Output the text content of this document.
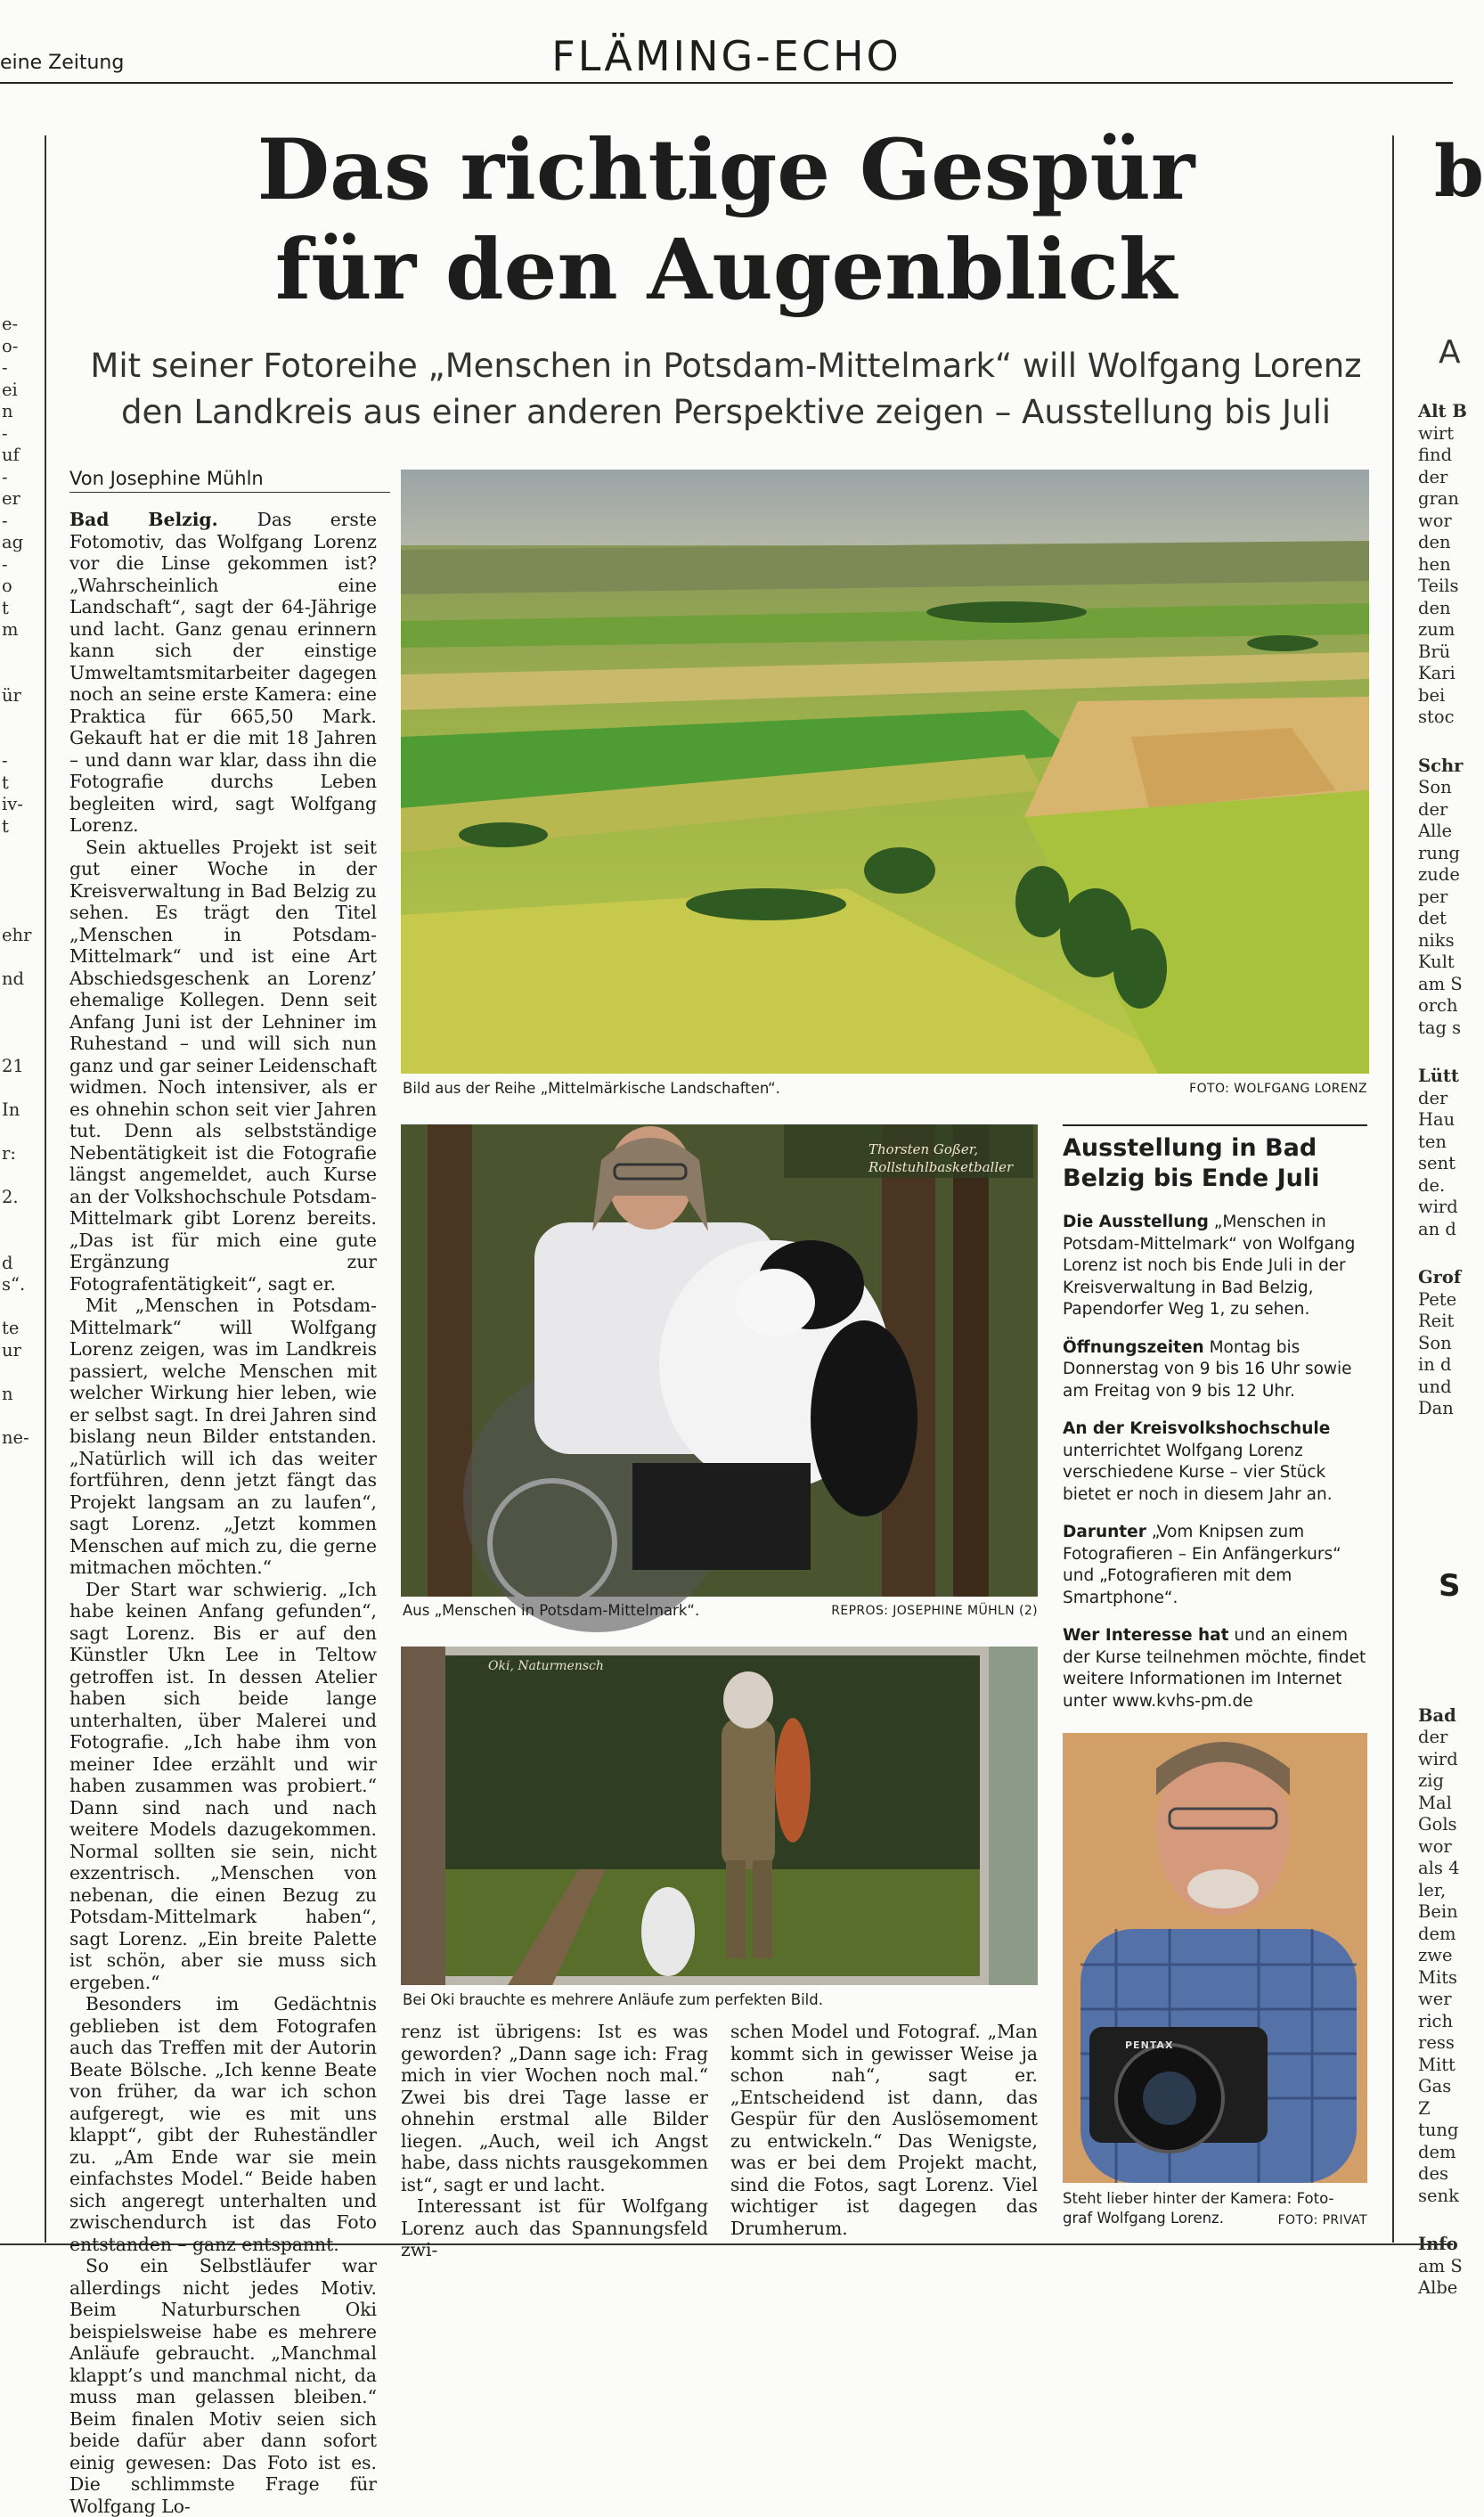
eine Zeitung	FLÄMING-ECHO
e-
o-
-
ei
n
-
uf
-
er
-
ag
-
o
t
m
ür
-
t
iv-
t
ehr
nd
21
In
r:
2.
d
s“.
te
ur
n
ne-
Das richtige Gespür
für den Augenblick
Mit seiner Fotoreihe „Menschen in Potsdam-Mittelmark“ will Wolfgang Lorenz
den Landkreis aus einer anderen Perspektive zeigen – Ausstellung bis Juli
Von Josephine Mühln

Bad Belzig. Das erste Fotomotiv, das Wolfgang Lorenz vor die Linse gekommen ist? „Wahrscheinlich eine Landschaft“, sagt der 64-Jährige und lacht. Ganz genau erinnern kann sich der einstige Umweltamtsmitarbeiter dagegen noch an seine erste Kamera: eine Praktica für 665,50 Mark. Gekauft hat er die mit 18 Jahren – und dann war klar, dass ihn die Fotografie durchs Leben begleiten wird, sagt Wolfgang Lorenz.

Sein aktuelles Projekt ist seit gut einer Woche in der Kreisverwaltung in Bad Belzig zu sehen. Es trägt den Titel „Menschen in Potsdam-Mittelmark“ und ist eine Art Abschiedsgeschenk an Lorenz’ ehemalige Kollegen. Denn seit Anfang Juni ist der Lehniner im Ruhestand – und will sich nun ganz und gar seiner Leidenschaft widmen. Noch intensiver, als er es ohnehin schon seit vier Jahren tut. Denn als selbstständige Nebentätigkeit ist die Fotografie längst angemeldet, auch Kurse an der Volkshochschule Potsdam-Mittelmark gibt Lorenz bereits. „Das ist für mich eine gute Ergänzung zur Fotografentätigkeit“, sagt er.

Mit „Menschen in Potsdam-Mittelmark“ will Wolfgang Lorenz zeigen, was im Landkreis passiert, welche Menschen mit welcher Wirkung hier leben, wie er selbst sagt. In drei Jahren sind bislang neun Bilder entstanden. „Natürlich will ich das weiter fortführen, denn jetzt fängt das Projekt langsam an zu laufen“, sagt Lorenz. „Jetzt kommen Menschen auf mich zu, die gerne mitmachen möchten.“

Der Start war schwierig. „Ich habe keinen Anfang gefunden“, sagt Lorenz. Bis er auf den Künstler Ukn Lee in Teltow getroffen ist. In dessen Atelier haben sich beide lange unterhalten, über Malerei und Fotografie. „Ich habe ihm von meiner Idee erzählt und wir haben zusammen was probiert.“ Dann sind nach und nach weitere Models dazugekommen. Normal sollten sie sein, nicht exzentrisch. „Menschen von nebenan, die einen Bezug zu Potsdam-Mittelmark haben“, sagt Lorenz. „Ein breite Palette ist schön, aber sie muss sich ergeben.“

Besonders im Gedächtnis geblieben ist dem Fotografen auch das Treffen mit der Autorin Beate Bölsche. „Ich kenne Beate von früher, da war ich schon aufgeregt, wie es mit uns klappt“, gibt der Ruheständler zu. „Am Ende war sie mein einfachstes Model.“ Beide haben sich angeregt unterhalten und zwischendurch ist das Foto entstanden – ganz entspannt.

So ein Selbstläufer war allerdings nicht jedes Motiv. Beim Naturburschen Oki beispielsweise habe es mehrere Anläufe gebraucht. „Manchmal klappt’s und manchmal nicht, da muss man gelassen bleiben.“ Beim finalen Motiv seien sich beide dafür aber dann sofort einig gewesen: Das Foto ist es. Die schlimmste Frage für Wolfgang Lo-

Bild aus der Reihe „Mittelmärkische Landschaften“.	FOTO: WOLFGANG LORENZ
Thorsten Goßer, Rollstuhlbasketballer
Aus „Menschen in Potsdam-Mittelmark“.	REPROS: JOSEPHINE MÜHLN (2)
Oki, Naturmensch
Bei Oki brauchte es mehrere Anläufe zum perfekten Bild.

renz ist übrigens: Ist es was geworden? „Dann sage ich: Frag mich in vier Wochen noch mal.“ Zwei bis drei Tage lasse er ohnehin erstmal alle Bilder liegen. „Auch, weil ich Angst habe, dass nichts rausgekommen ist“, sagt er und lacht.

Interessant ist für Wolfgang Lorenz auch das Spannungsfeld zwi-

schen Model und Fotograf. „Man kommt sich in gewisser Weise ja schon nah“, sagt er. „Entscheidend ist dann, das Gespür für den Auslösemoment zu entwickeln.“ Das Wenigste, was er bei dem Projekt macht, sind die Fotos, sagt Lorenz. Viel wichtiger ist dagegen das Drumherum.

Ausstellung in Bad
Belzig bis Ende Juli

Die Ausstellung „Menschen in Potsdam-Mittelmark“ von Wolfgang Lorenz ist noch bis Ende Juli in der Kreisverwaltung in Bad Belzig, Papendorfer Weg 1, zu sehen.

Öffnungszeiten Montag bis Donnerstag von 9 bis 16 Uhr sowie am Freitag von 9 bis 12 Uhr.

An der Kreisvolkshochschule unterrichtet Wolfgang Lorenz verschiedene Kurse – vier Stück bietet er noch in diesem Jahr an.

Darunter „Vom Knipsen zum Fotografieren – Ein Anfängerkurs“ und „Fotografieren mit dem Smartphone“.

Wer Interesse hat und an einem der Kurse teilnehmen möchte, findet weitere Informationen im Internet unter www.kvhs-pm.de

PENTAX
Steht lieber hinter der Kamera: Foto-
graf Wolfgang Lorenz.	FOTO: PRIVAT
b
A
S
Alt B
wirt
find
der
gran
wor
den
hen
Teils
den
zum
Brü
Kari
bei
stoc
Schr
Son
der
Alle
rung
zude
per
det
niks
Kult
am S
orch
tag s
Lütt
der
Hau
ten
sent
de.
wird
an d
Grof
Pete
Reit
Son
in d
und
Dan
Bad
der
wird
zig
Mal
Gols
wor
als 4
ler,
Bein
dem
zwe
Mits
wer
rich
ress
Mitt
Gas
Z
tung
dem
des
senk
Info
am S
Albe
